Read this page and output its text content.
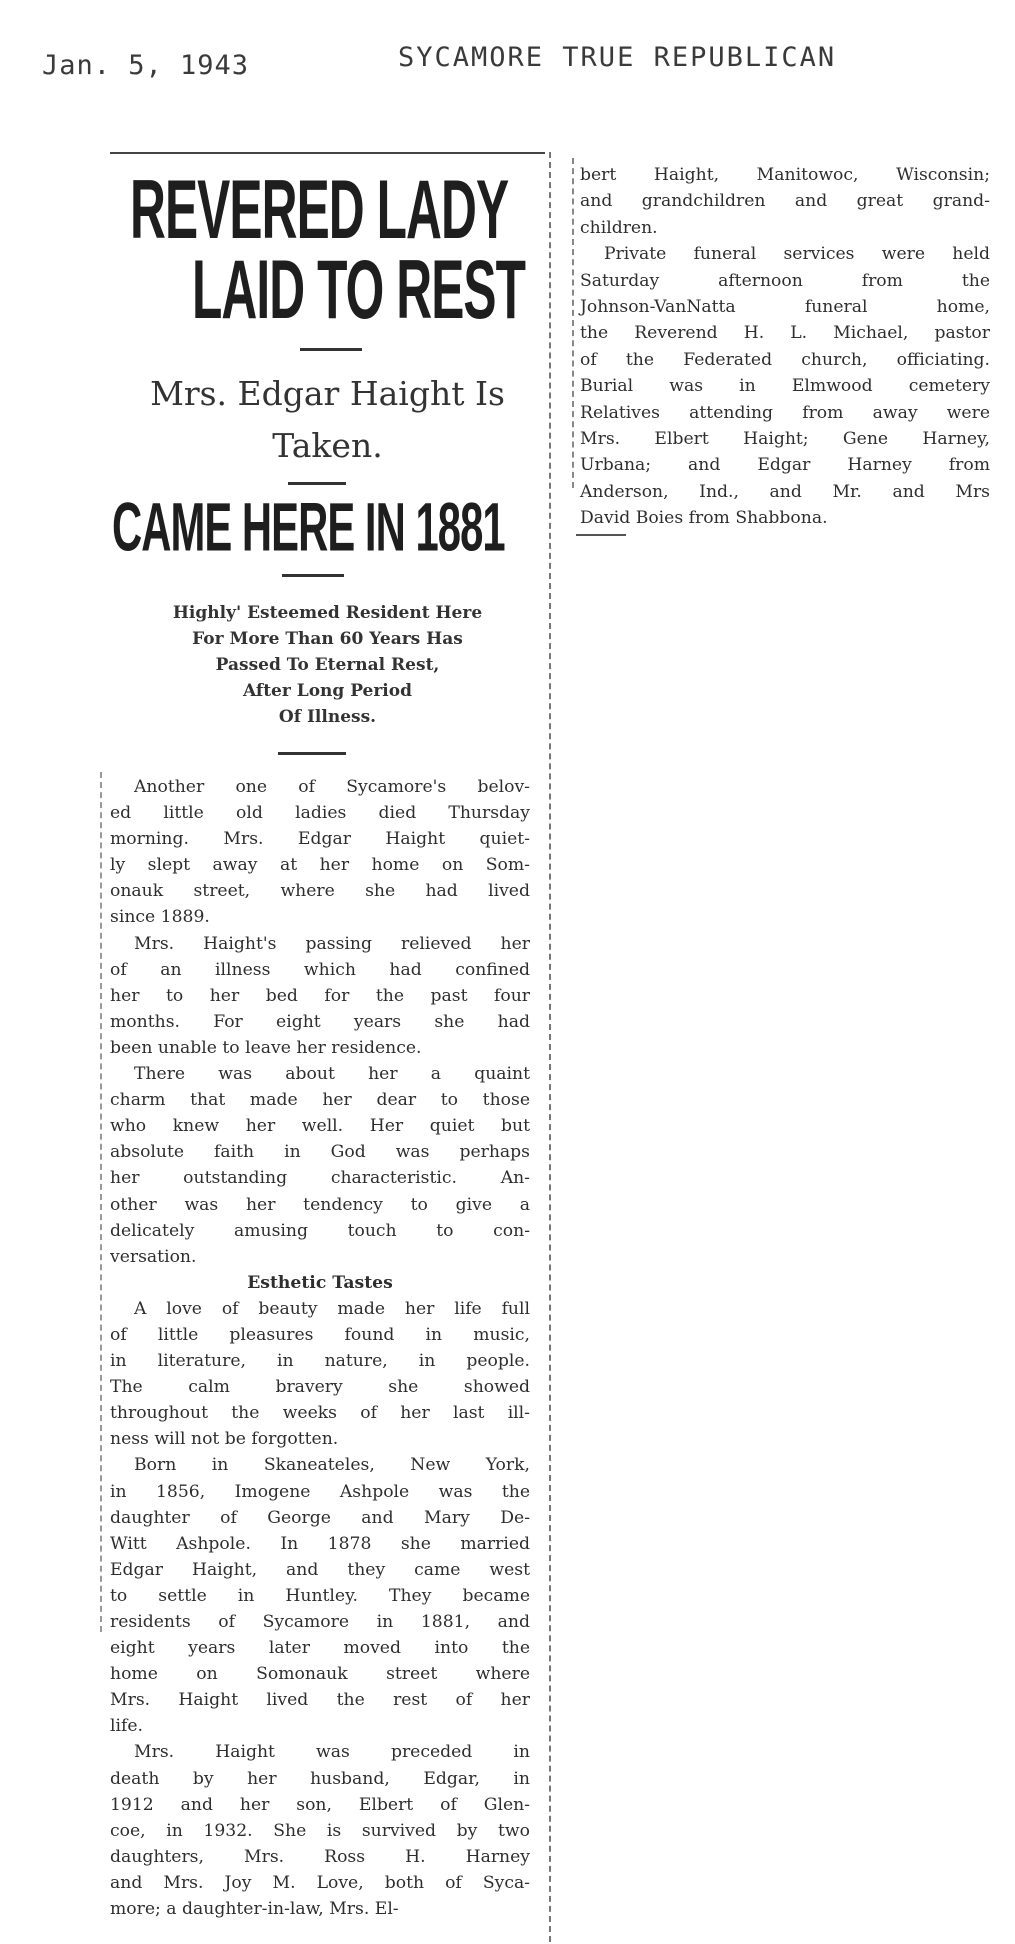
Jan. 5, 1943	SYCAMORE TRUE REPUBLICAN
REVERED LADY
LAID TO REST
Mrs. Edgar Haight Is
Taken.
CAME HERE IN 1881
Highly' Esteemed Resident Here
For More Than 60 Years Has
Passed To Eternal Rest,
After Long Period
Of Illness.
Another one of Sycamore's belov-
ed little old ladies died Thursday
morning. Mrs. Edgar Haight quiet-
ly slept away at her home on Som-
onauk street, where she had lived
since 1889.
Mrs. Haight's passing relieved her
of an illness which had confined
her to her bed for the past four
months. For eight years she had
been unable to leave her residence.
There was about her a quaint
charm that made her dear to those
who knew her well. Her quiet but
absolute faith in God was perhaps
her outstanding characteristic. An-
other was her tendency to give a
delicately amusing touch to con-
versation.
Esthetic Tastes
A love of beauty made her life full
of little pleasures found in music,
in literature, in nature, in people.
The calm bravery she showed
throughout the weeks of her last ill-
ness will not be forgotten.
Born in Skaneateles, New York,
in 1856, Imogene Ashpole was the
daughter of George and Mary De-
Witt Ashpole. In 1878 she married
Edgar Haight, and they came west
to settle in Huntley. They became
residents of Sycamore in 1881, and
eight years later moved into the
home on Somonauk street where
Mrs. Haight lived the rest of her
life.
Mrs. Haight was preceded in
death by her husband, Edgar, in
1912 and her son, Elbert of Glen-
coe, in 1932. She is survived by two
daughters, Mrs. Ross H. Harney
and Mrs. Joy M. Love, both of Syca-
more; a daughter-in-law, Mrs. El-
bert Haight, Manitowoc, Wisconsin;
and grandchildren and great grand-
children.
Private funeral services were held
Saturday afternoon from the
Johnson-VanNatta funeral home,
the Reverend H. L. Michael, pastor
of the Federated church, officiating.
Burial was in Elmwood cemetery
Relatives attending from away were
Mrs. Elbert Haight; Gene Harney,
Urbana; and Edgar Harney from
Anderson, Ind., and Mr. and Mrs
David Boies from Shabbona.
